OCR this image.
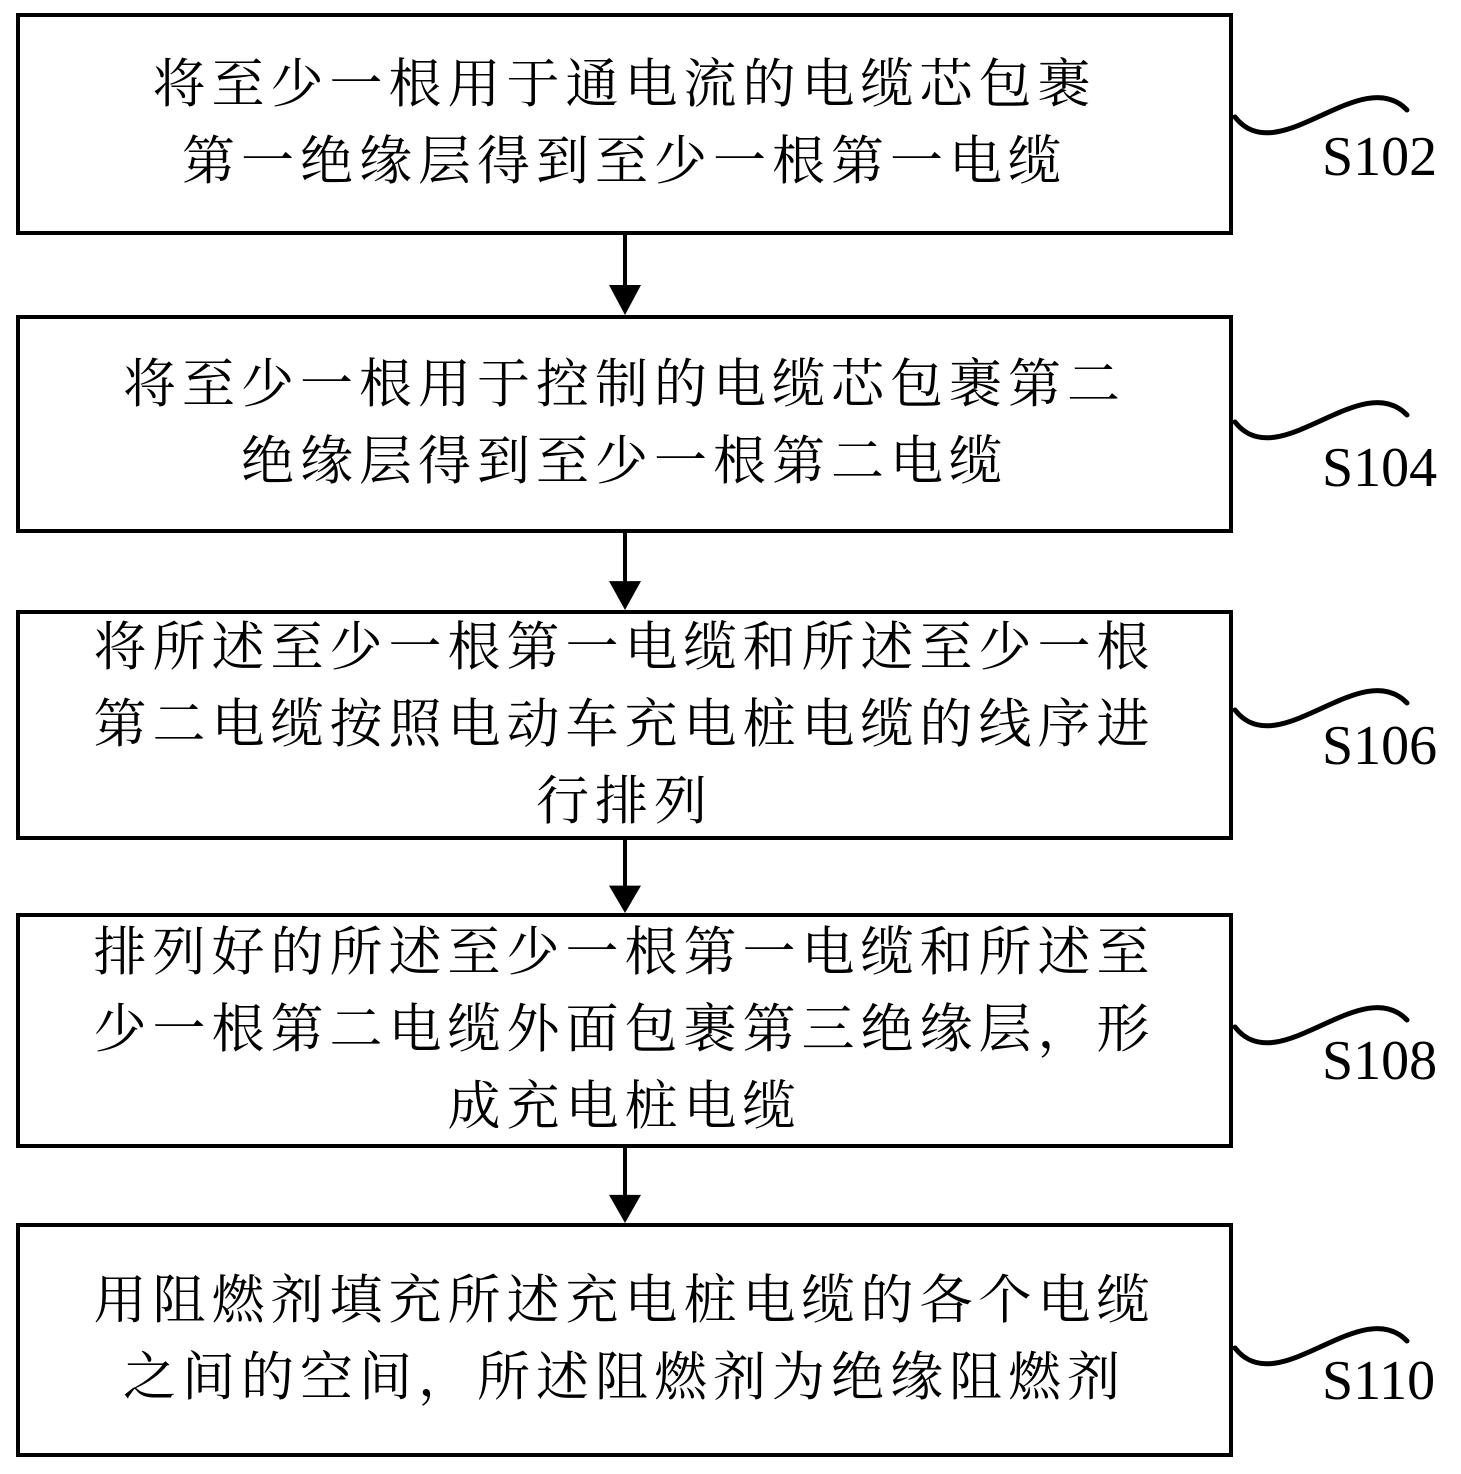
将至少一根用于通电流的电缆芯包裹
第一绝缘层得到至少一根第一电缆
将至少一根用于控制的电缆芯包裹第二
绝缘层得到至少一根第二电缆
将所述至少一根第一电缆和所述至少一根
第二电缆按照电动车充电桩电缆的线序进
行排列
排列好的所述至少一根第一电缆和所述至
少一根第二电缆外面包裹第三绝缘层，形
成充电桩电缆
用阻燃剂填充所述充电桩电缆的各个电缆
之间的空间，所述阻燃剂为绝缘阻燃剂
S102
S104
S106
S108
S110
